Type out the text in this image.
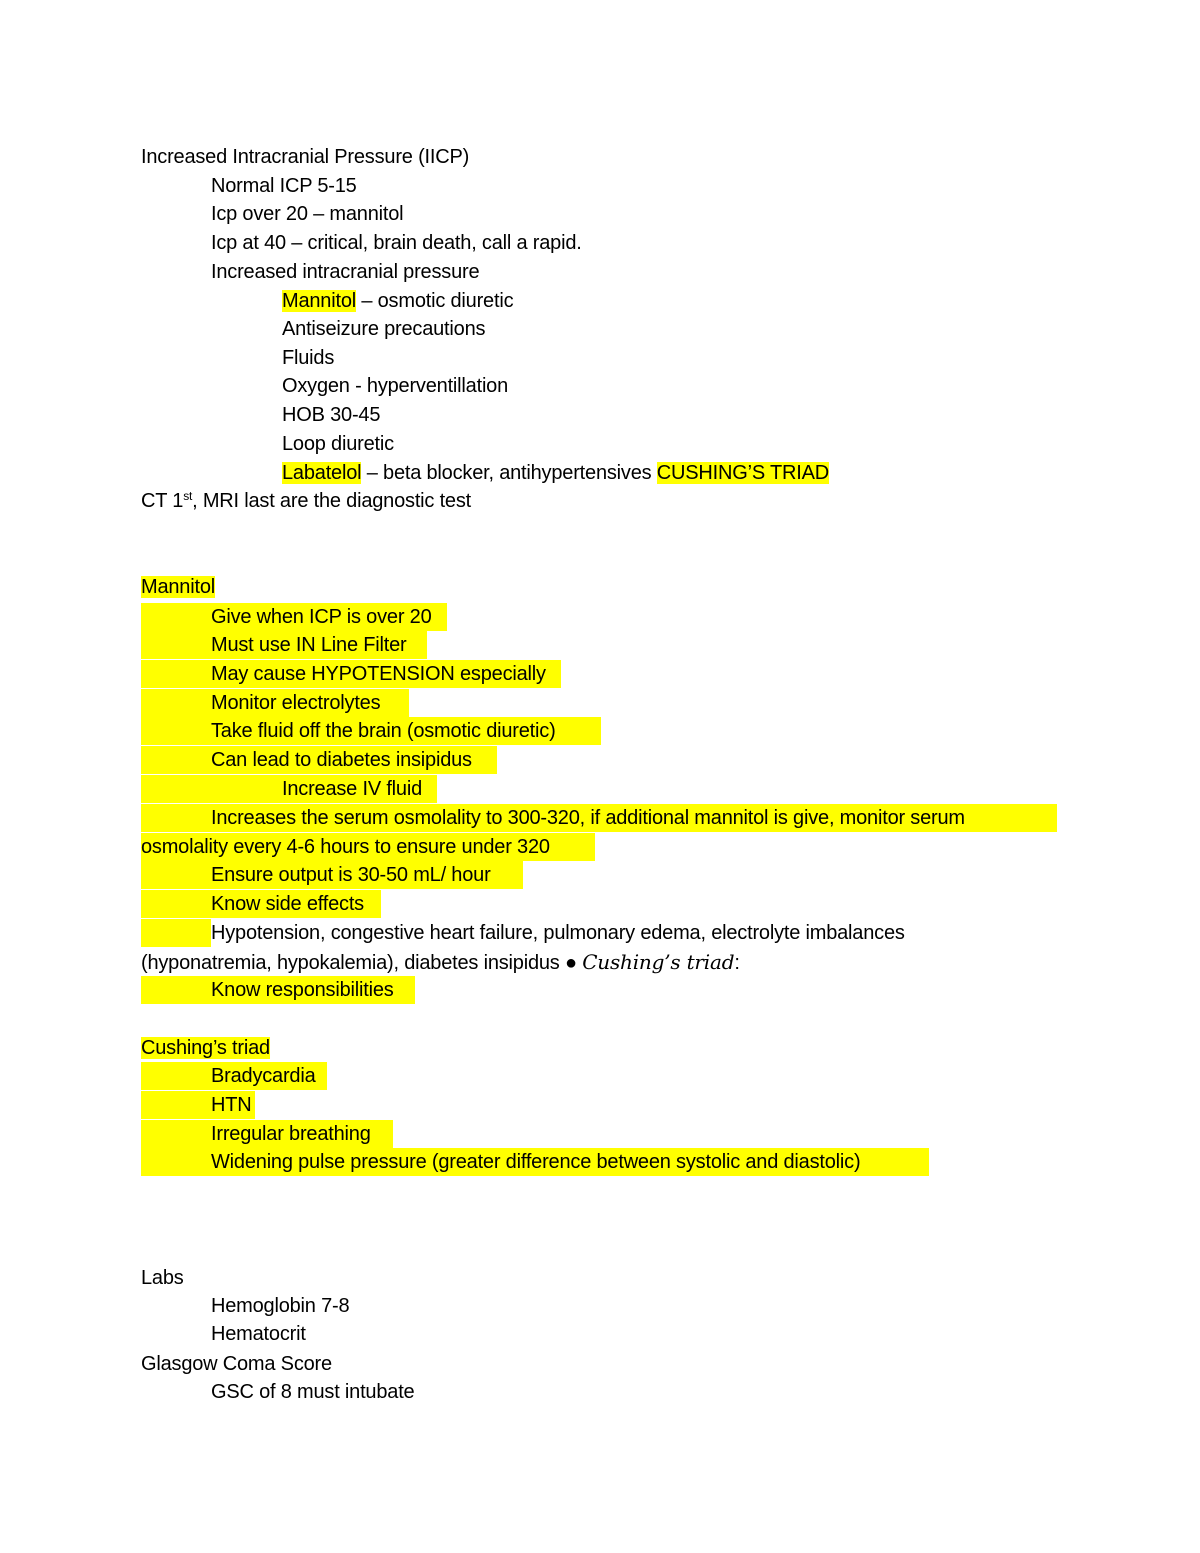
Increased Intracranial Pressure (IICP)
Normal ICP 5-15
Icp over 20 – mannitol
Icp at 40 – critical, brain death, call a rapid.
Increased intracranial pressure
Mannitol – osmotic diuretic
Antiseizure precautions
Fluids
Oxygen - hyperventillation
HOB 30-45
Loop diuretic
Labatelol – beta blocker, antihypertensives CUSHING’S TRIAD
CT 1st, MRI last are the diagnostic test
Mannitol
Give when ICP is over 20
Must use IN Line Filter
May cause HYPOTENSION especially
Monitor electrolytes
Take fluid off the brain (osmotic diuretic)
Can lead to diabetes insipidus
Increase IV fluid
Increases the serum osmolality to 300-320, if additional mannitol is give, monitor serum
osmolality every 4-6 hours to ensure under 320
Ensure output is 30-50 mL/ hour
Know side effects
Hypotension, congestive heart failure, pulmonary edema, electrolyte imbalances
(hyponatremia, hypokalemia), diabetes insipidus ● Cushing’s triad:
Know responsibilities
Cushing’s triad
Bradycardia
HTN
Irregular breathing
Widening pulse pressure (greater difference between systolic and diastolic)
Labs
Hemoglobin 7-8
Hematocrit
Glasgow Coma Score
GSC of 8 must intubate
